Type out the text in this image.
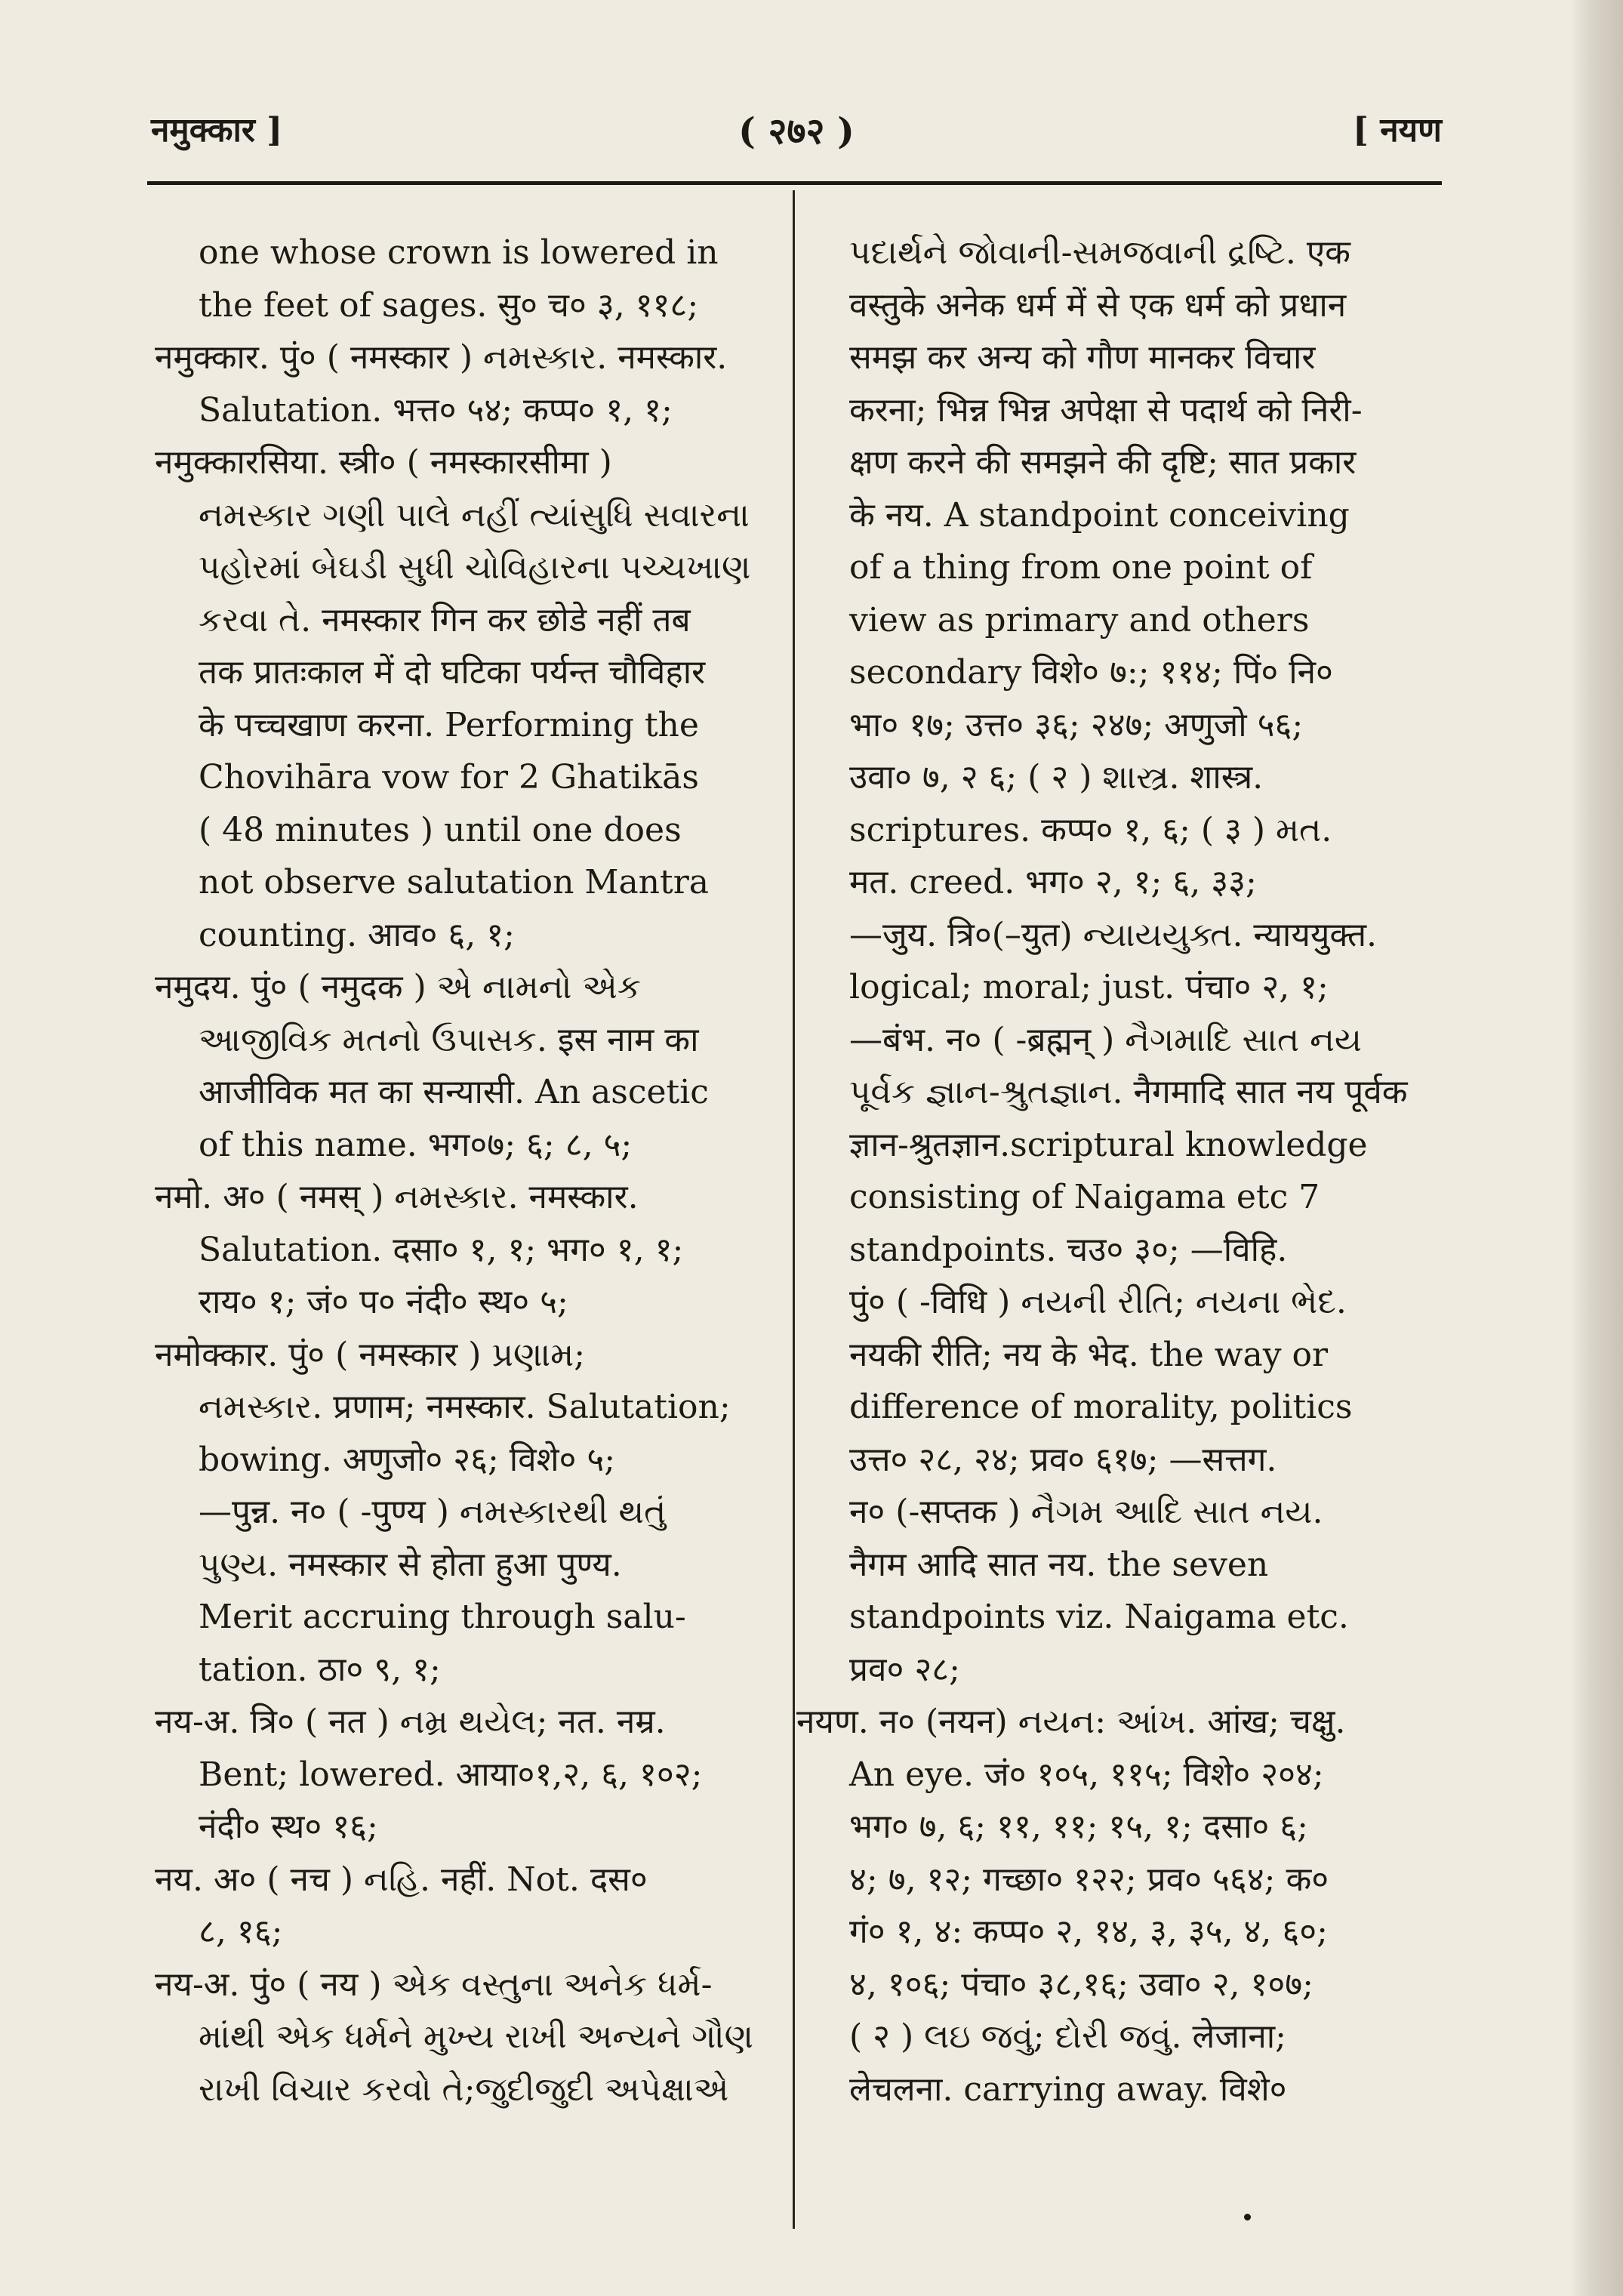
नमुक्कार ]	( २७२ )	[ नयण
one whose crown is lowered in
the feet of sages. सु० च० ३, ११८;
नमुक्कार. पुं० ( नमस्कार ) નમસ્કાર. नमस्कार.
Salutation. भत्त० ५४; कप्प० १, १;
नमुक्कारसिया. स्त्री० ( नमस्कारसीमा )
નમસ્કાર ગણી પાલે નહીં ત્યાંસુધિ સવારના
પહોરમાં બેઘડી સુધી ચોવિહારના પચ્ચખાણ
કરવા તે. नमस्कार गिन कर छोडे नहीं तब
तक प्रातःकाल में दो घटिका पर्यन्त चौविहार
के पच्चखाण करना. Performing the
Chovihāra vow for 2 Ghatikās
( 48 minutes ) until one does
not observe salutation Mantra
counting. आव० ६, १;
नमुदय. पुं० ( नमुदक ) એ નામનો એક
આજીવિક મતનો ઉપાસક. इस नाम का
आजीविक मत का सन्यासी. An ascetic
of this name. भग०७; ६; ८, ५;
नमो. अ० ( नमस् ) નમસ્કાર. नमस्कार.
Salutation. दसा० १, १; भग० १, १;
राय० १; जं० प० नंदी० स्थ० ५;
नमोक्कार. पुं० ( नमस्कार ) પ્રણામ;
નમસ્કાર. प्रणाम; नमस्कार. Salutation;
bowing. अणुजो० २६; विशे० ५;
—पुन्न. न० ( -पुण्य ) નમસ્કારથી થતું
પુણ્ય. नमस्कार से होता हुआ पुण्य.
Merit accruing through salu-
tation. ठा० ९, १;
नय-अ. त्रि० ( नत ) નમ્ર થયેલ; नत. नम्र.
Bent; lowered. आया०१,२, ६, १०२;
नंदी० स्थ० १६;
नय. अ० ( नच ) નહિ. नहीं. Not. दस०
८, १६;
नय-अ. पुं० ( नय ) એક વસ્તુના અનેક ધર્મ-
માંથી એક ધર્મને મુખ્ય રાખી અન્યને ગૌણ
રાખી વિચાર કરવો તે;જુદીજુદી અપેક્ષાએ
પદાર્થને જોવાની-સમજવાની દ્રષ્ટિ. एक
वस्तुके अनेक धर्म में से एक धर्म को प्रधान
समझ कर अन्य को गौण मानकर विचार
करना; भिन्न भिन्न अपेक्षा से पदार्थ को निरी-
क्षण करने की समझने की दृष्टि; सात प्रकार
के नय. A standpoint conceiving
of a thing from one point of
view as primary and others
secondary विशे० ७:; ११४; पिं० नि०
भा० १७; उत्त० ३६; २४७; अणुजो ५६;
उवा० ७, २ ६; ( २ ) શાસ્ત્ર. शास्त्र.
scriptures. कप्प० १, ६; ( ३ ) મત.
मत. creed. भग० २, १; ६, ३३;
—जुय. त्रि०(–युत) ન્યાયયુક્ત. न्याययुक्त.
logical; moral; just. पंचा० २, १;
—बंभ. न० ( -ब्रह्मन् ) નૈગમાદિ સાત નય
પૂર્વક જ્ઞાન-શ્રુતજ્ઞાન. नैगमादि सात नय पूर्वक
ज्ञान-श्रुतज्ञान.scriptural knowledge
consisting of Naigama etc 7
standpoints. चउ० ३०; —विहि.
पुं० ( -विधि ) નયની રીતિ; નયના ભેદ.
नयकी रीति; नय के भेद. the way or
difference of morality, politics
उत्त० २८, २४; प्रव० ६१७; —सत्तग.
न० (-सप्तक ) નૈગમ આદિ સાત નય.
नैगम आदि सात नय. the seven
standpoints viz. Naigama etc.
प्रव० २८;
नयण. न० (नयन) નયન: આંખ. आंख; चक्षु.
An eye. जं० १०५, ११५; विशे० २०४;
भग० ७, ६; ११, ११; १५, १; दसा० ६;
४; ७, १२; गच्छा० १२२; प्रव० ५६४; क०
गं० १, ४: कप्प० २, १४, ३, ३५, ४, ६०;
४, १०६; पंचा० ३८,१६; उवा० २, १०७;
( २ ) લઇ જવું; દોરી જવું. लेजाना;
लेचलना. carrying away. विशे०
